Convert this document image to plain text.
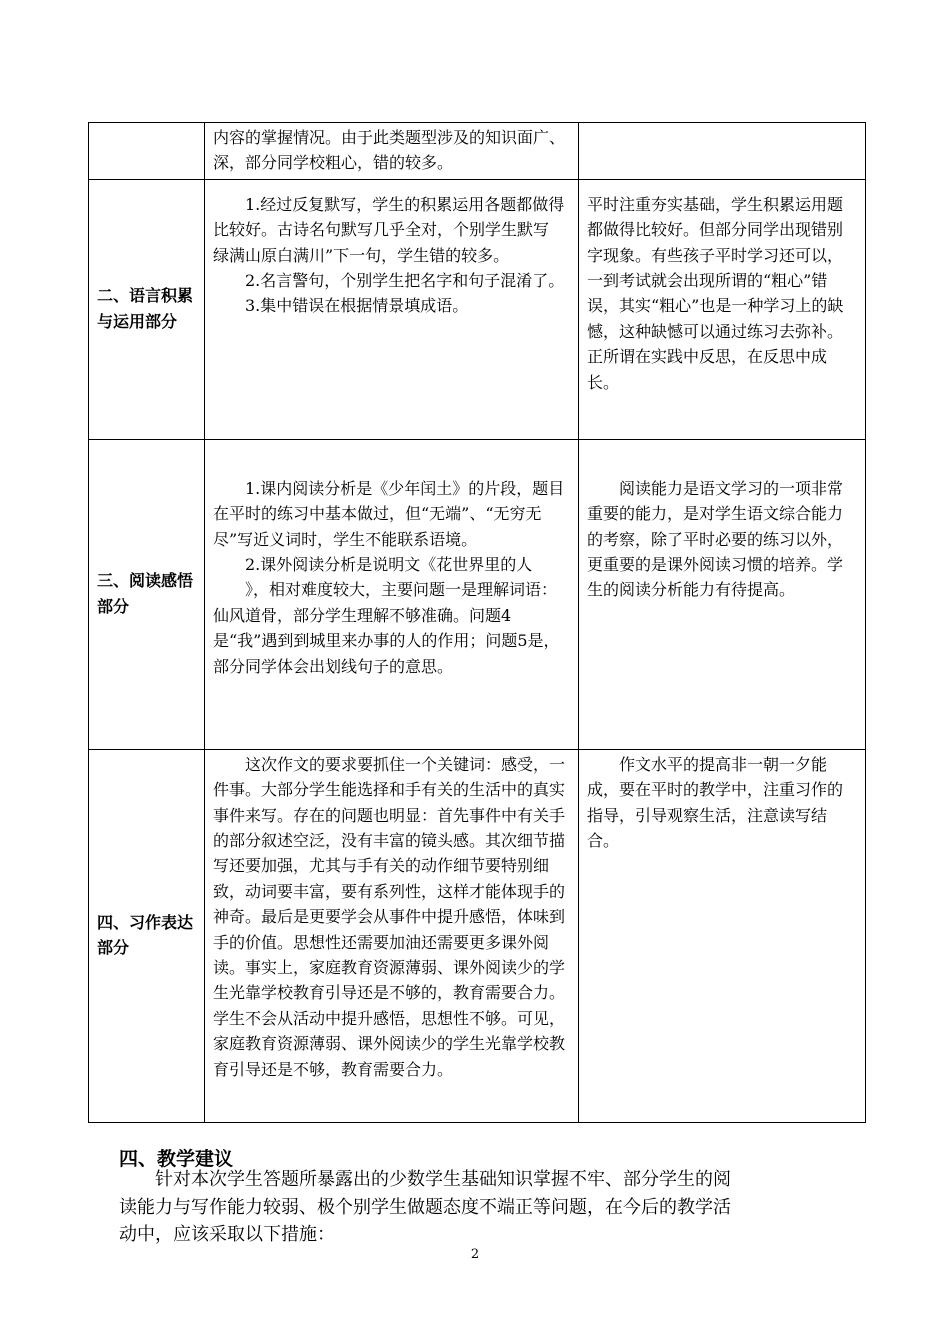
	内容的掌握情况。由于此类题型涉及的知识面广、深，部分同学校粗心，错的较多。	

二、语言积累与运用部分	1.经过反复默写，学生的积累运用各题都做得比较好。古诗名句默写几乎全对，个别学生默写 绿满山原白满川”下一句，学生错的较多。

2.名言警句，个别学生把名字和句子混淆了。

3.集中错误在根据情景填成语。	平时注重夯实基础，学生积累运用题都做得比较好。但部分同学出现错别字现象。有些孩子平时学习还可以，一到考试就会出现所谓的“粗心”错误，其实“粗心”也是一种学习上的缺憾，这种缺憾可以通过练习去弥补。正所谓在实践中反思，在反思中成长。

三、阅读感悟部分	1.课内阅读分析是《少年闰土》的片段，题目在平时的练习中基本做过，但“无端”、“无穷无尽”写近义词时，学生不能联系语境。

2.课外阅读分析是说明文《花世界里的人

》，相对难度较大，主要问题一是理解词语：仙风道骨，部分学生理解不够准确。问题4是“我”遇到到城里来办事的人的作用；问题5是，部分同学体会出划线句子的意思。	阅读能力是语文学习的一项非常重要的能力，是对学生语文综合能力的考察，除了平时必要的练习以外，更重要的是课外阅读习惯的培养。学生的阅读分析能力有待提高。

四、习作表达部分	这次作文的要求要抓住一个关键词：感受，一件事。大部分学生能选择和手有关的生活中的真实事件来写。存在的问题也明显：首先事件中有关手的部分叙述空泛，没有丰富的镜头感。其次细节描写还要加强，尤其与手有关的动作细节要特别细致，动词要丰富，要有系列性，这样才能体现手的神奇。最后是更要学会从事件中提升感悟，体味到手的价值。思想性还需要加油还需要更多课外阅读。事实上，家庭教育资源薄弱、课外阅读少的学生光靠学校教育引导还是不够的，教育需要合力。学生不会从活动中提升感悟，思想性不够。可见，家庭教育资源薄弱、课外阅读少的学生光靠学校教育引导还是不够，教育需要合力。	作文水平的提高非一朝一夕能成，要在平时的教学中，注重习作的指导，引导观察生活，注意读写结合。

四、教学建议
针对本次学生答题所暴露出的少数学生基础知识掌握不牢、部分学生的阅
读能力与写作能力较弱、极个别学生做题态度不端正等问题，在今后的教学活
动中，应该采取以下措施：
2
